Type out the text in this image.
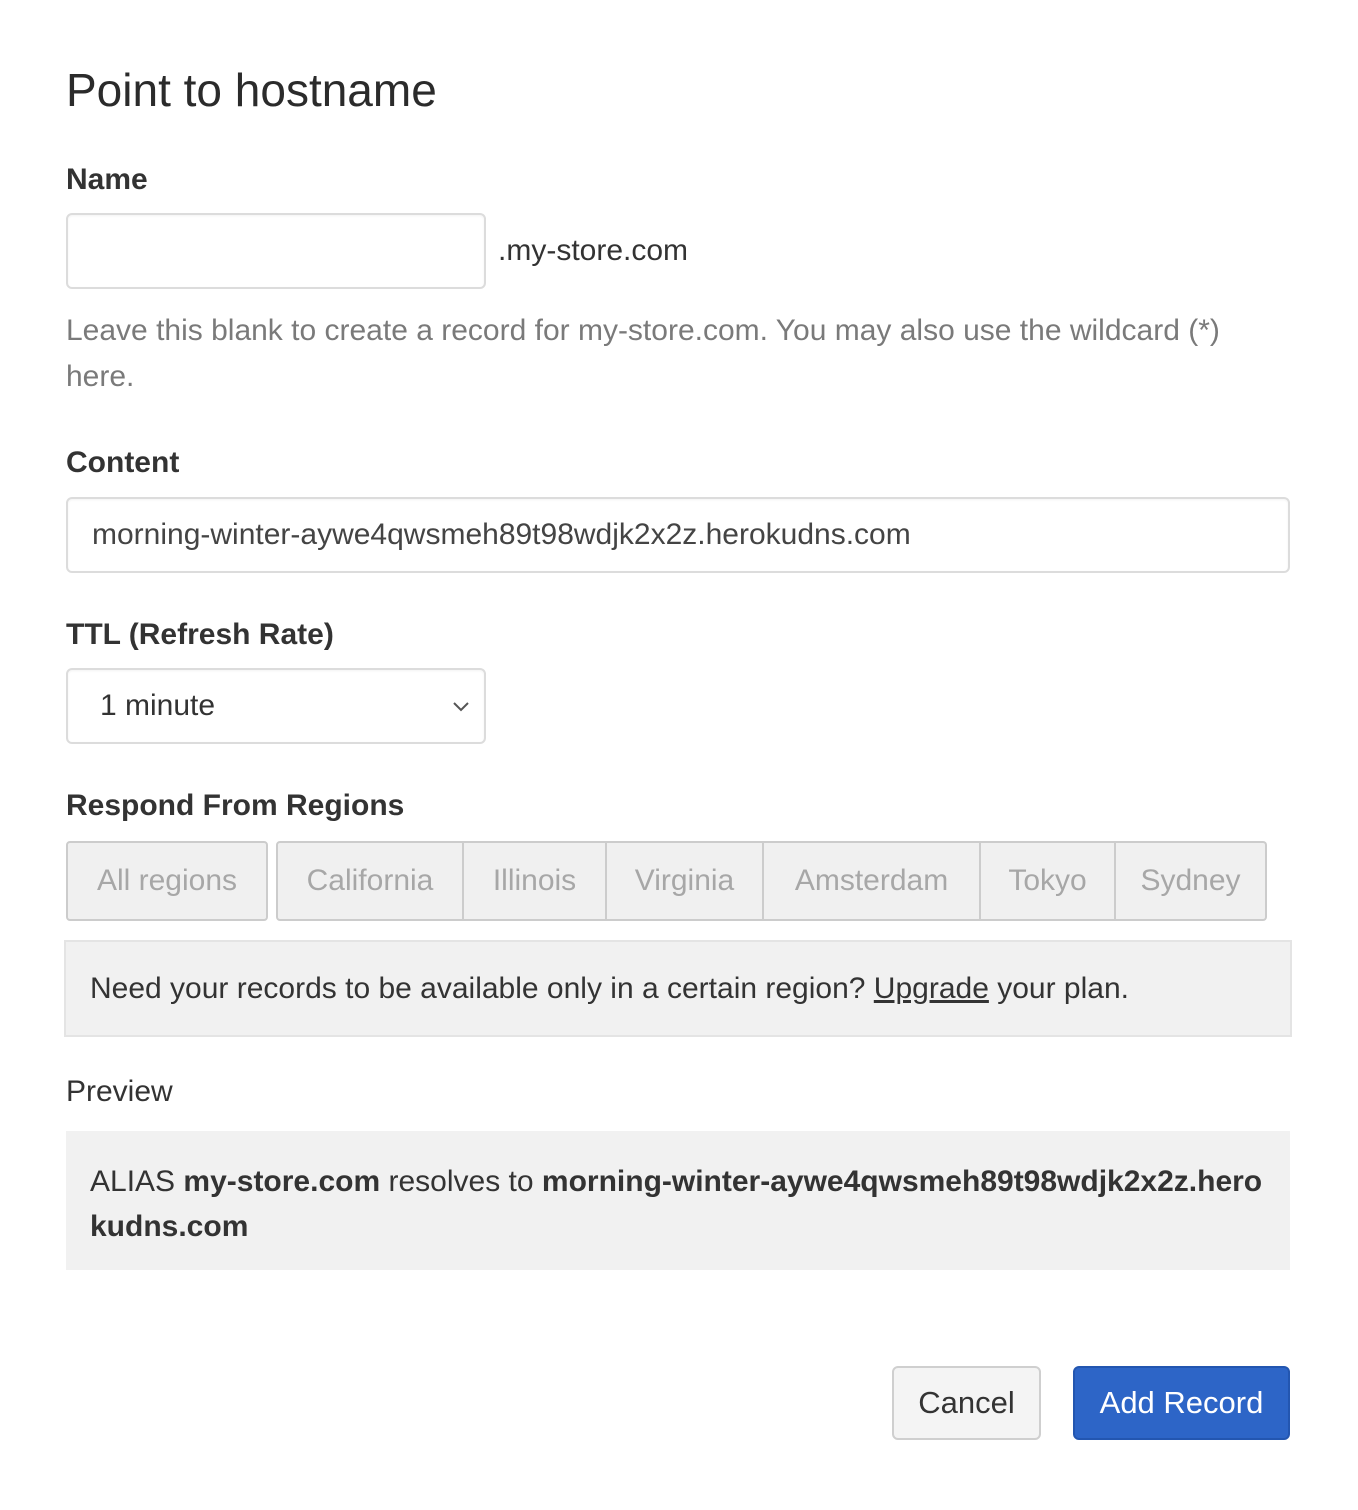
Point to hostname
Name
.my-store.com
Leave this blank to create a record for my-store.com. You may also use the wildcard (*) here.
Content
morning-winter-aywe4qwsmeh89t98wdjk2x2z.herokudns.com
TTL (Refresh Rate)
1 minute
Respond From Regions
All regions	California	Illinois	Virginia	Amsterdam	Tokyo	Sydney
Need your records to be available only in a certain region? Upgrade your plan.
Preview
ALIAS my-store.com resolves to morning-winter-aywe4qwsmeh89t98wdjk2x2z.herokudns.com
Cancel	Add Record
